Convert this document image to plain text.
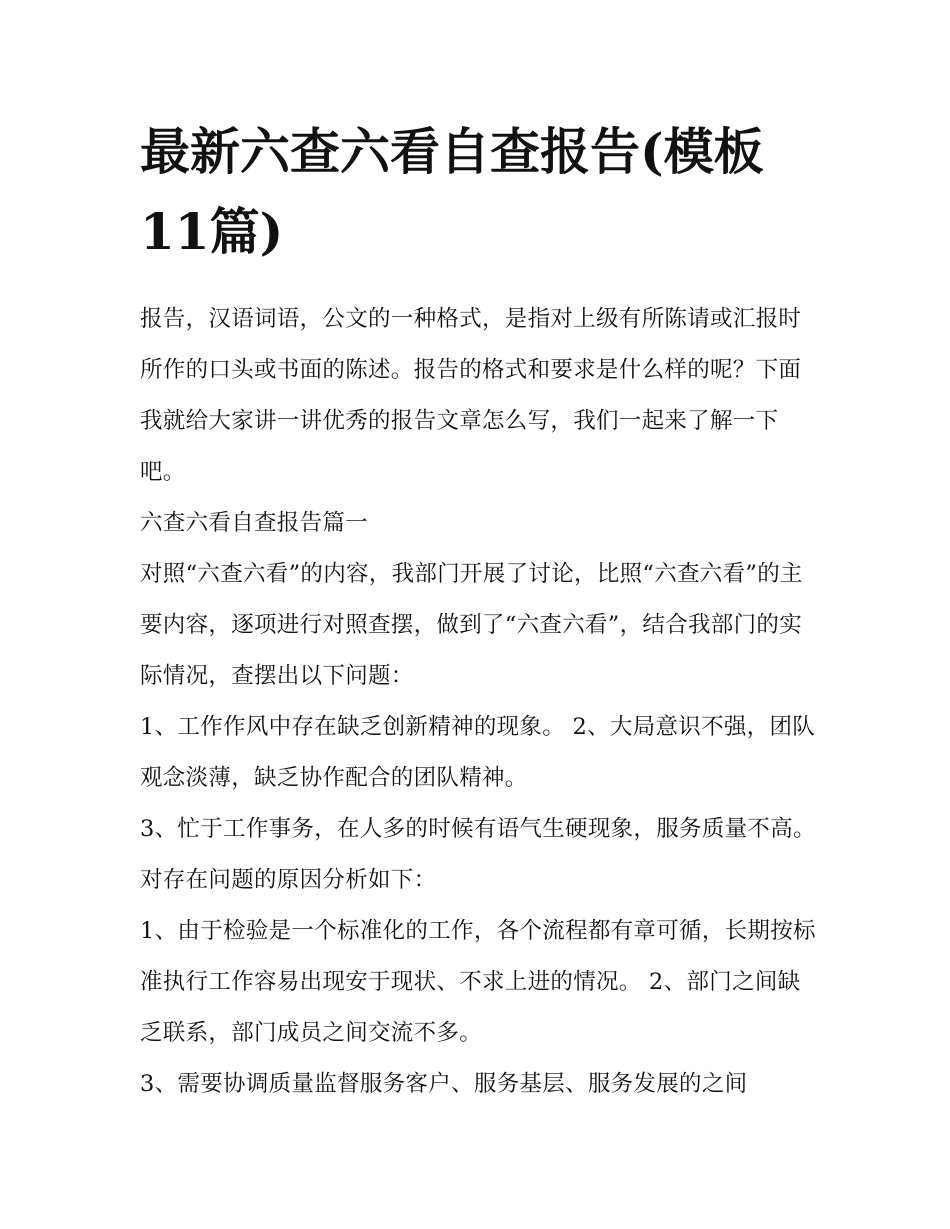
最新六查六看自查报告(模板11篇)

报告，汉语词语，公文的一种格式，是指对上级有所陈请或汇报时所作的口头或书面的陈述。报告的格式和要求是什么样的呢？下面我就给大家讲一讲优秀的报告文章怎么写，我们一起来了解一下吧。

六查六看自查报告篇一

对照“六查六看”的内容，我部门开展了讨论，比照“六查六看”的主要内容，逐项进行对照查摆，做到了“六查六看”，结合我部门的实际情况，查摆出以下问题：

1、工作作风中存在缺乏创新精神的现象。 2、大局意识不强，团队观念淡薄，缺乏协作配合的团队精神。

3、忙于工作事务，在人多的时候有语气生硬现象，服务质量不高。 对存在问题的原因分析如下：

1、由于检验是一个标准化的工作，各个流程都有章可循，长期按标准执行工作容易出现安于现状、不求上进的情况。 2、部门之间缺乏联系，部门成员之间交流不多。

3、需要协调质量监督服务客户、服务基层、服务发展的之间
